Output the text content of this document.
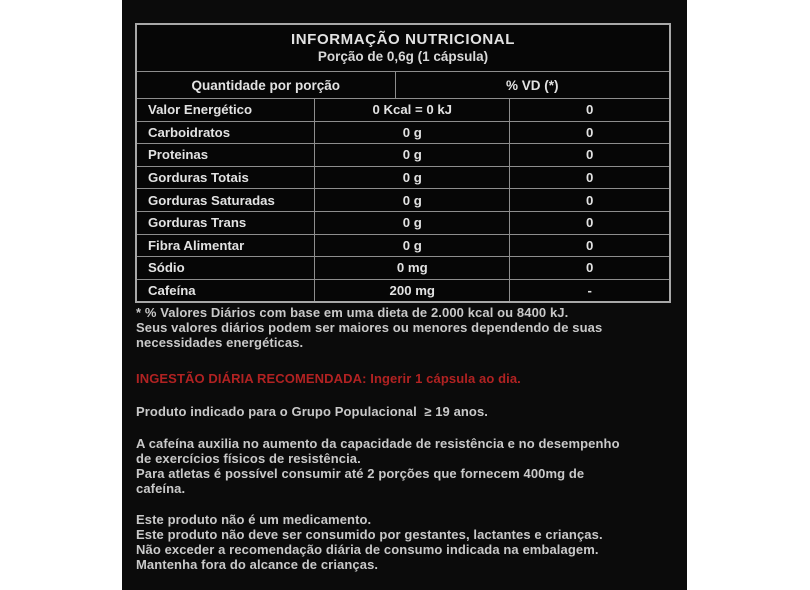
INFORMAÇÃO NUTRICIONAL
Porção de 0,6g (1 cápsula)
Quantidade por porção	% VD (*)
Valor Energético	0 Kcal = 0 kJ	0
Carboidratos	0 g	0
Proteinas	0 g	0
Gorduras Totais	0 g	0
Gorduras Saturadas	0 g	0
Gorduras Trans	0 g	0
Fibra Alimentar	0 g	0
Sódio	0 mg	0
Cafeína	200 mg	-
* % Valores Diários com base em uma dieta de 2.000 kcal ou 8400 kJ.
Seus valores diários podem ser maiores ou menores dependendo de suas
necessidades energéticas.
INGESTÃO DIÁRIA RECOMENDADA: Ingerir 1 cápsula ao dia.
Produto indicado para o Grupo Populacional  ≥ 19 anos.
A cafeína auxilia no aumento da capacidade de resistência e no desempenho
de exercícios físicos de resistência.
Para atletas é possível consumir até 2 porções que fornecem 400mg de
cafeína.
Este produto não é um medicamento.
Este produto não deve ser consumido por gestantes, lactantes e crianças.
Não exceder a recomendação diária de consumo indicada na embalagem.
Mantenha fora do alcance de crianças.
